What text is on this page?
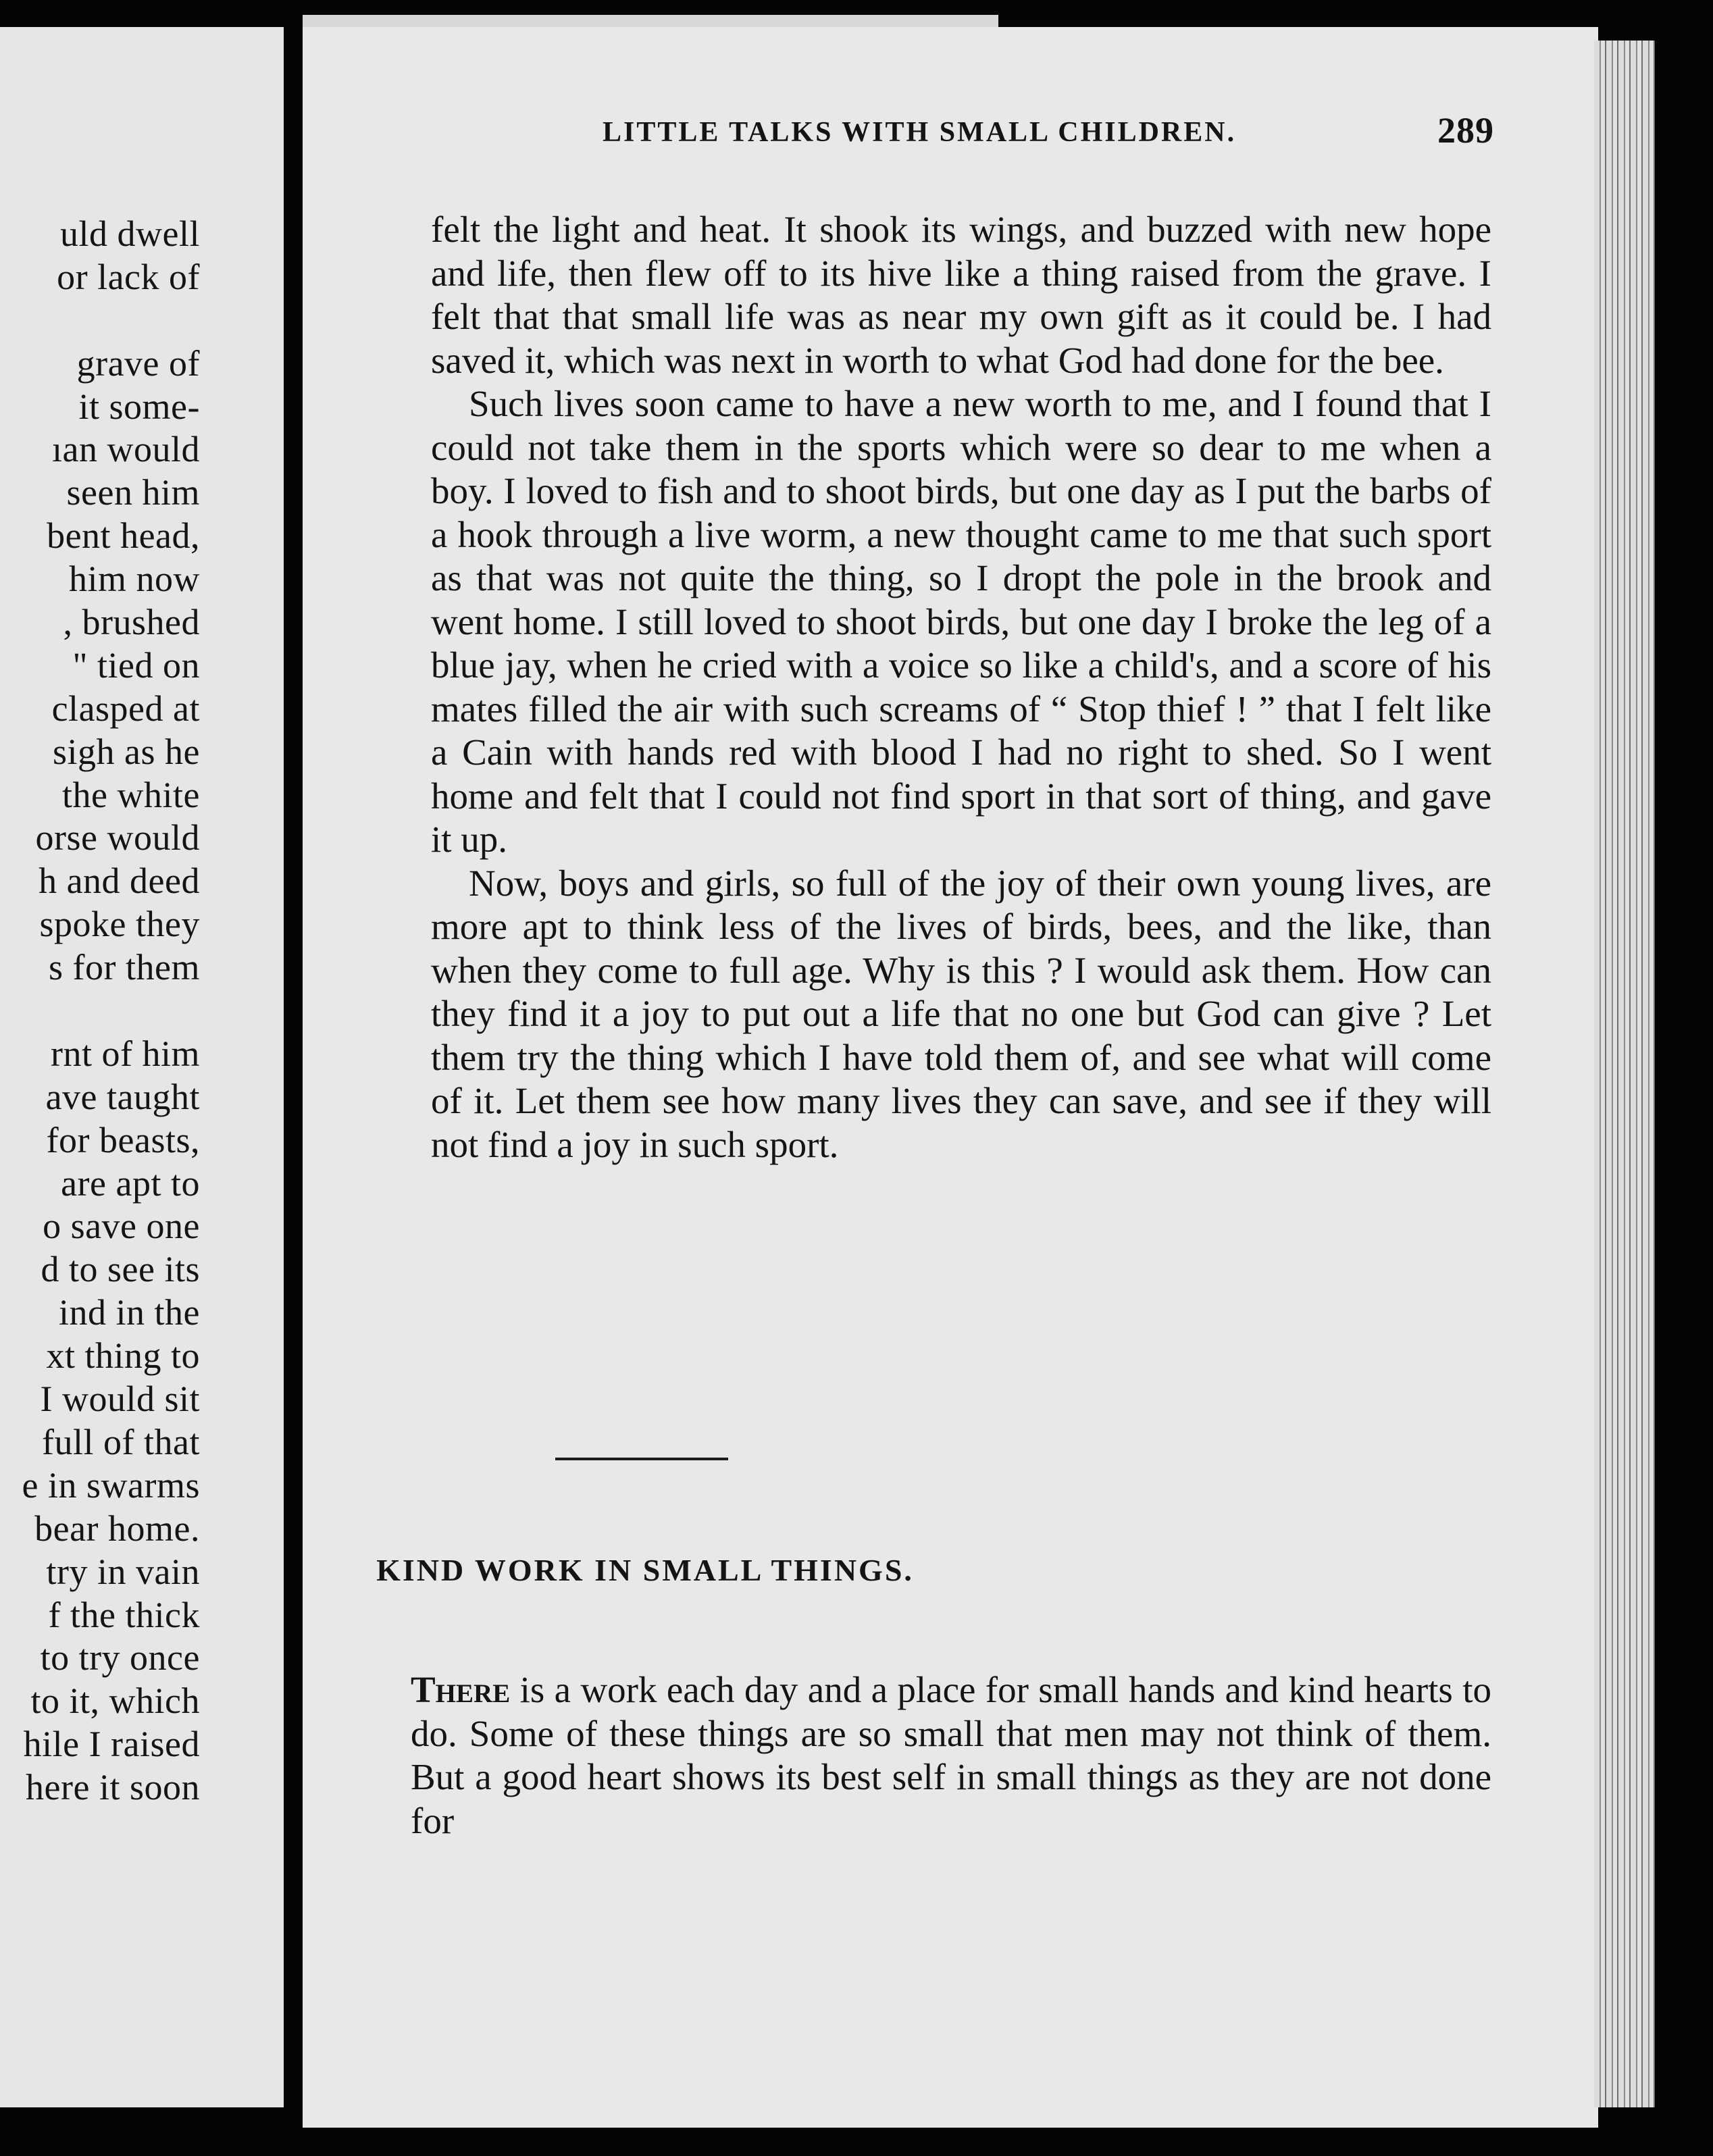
uld dwell
or lack of
grave of
it some-
ıan would
seen him
bent head,
him now
, brushed
" tied on
clasped at
sigh as he
the white
orse would
h and deed
spoke they
s for them
rnt of him
ave taught
for beasts,
are apt to
o save one
d to see its
ind in the
xt thing to
I would sit
full of that
e in swarms
bear home.
try in vain
f the thick
to try once
to it, which
hile I raised
here it soon

felt the light and heat. It shook its wings, and buzzed with new hope and life, then flew off to its hive like a thing raised from the grave. I felt that that small life was as near my own gift as it could be. I had saved it, which was next in worth to what God had done for the bee.

Such lives soon came to have a new worth to me, and I found that I could not take them in the sports which were so dear to me when a boy. I loved to fish and to shoot birds, but one day as I put the barbs of a hook through a live worm, a new thought came to me that such sport as that was not quite the thing, so I dropt the pole in the brook and went home. I still loved to shoot birds, but one day I broke the leg of a blue jay, when he cried with a voice so like a child's, and a score of his mates filled the air with such screams of “ Stop thief ! ” that I felt like a Cain with hands red with blood I had no right to shed. So I went home and felt that I could not find sport in that sort of thing, and gave it up.

Now, boys and girls, so full of the joy of their own young lives, are more apt to think less of the lives of birds, bees, and the like, than when they come to full age. Why is this ? I would ask them. How can they find it a joy to put out a life that no one but God can give ? Let them try the thing which I have told them of, and see what will come of it. Let them see how many lives they can save, and see if they will not find a joy in such sport.

There is a work each day and a place for small hands and kind hearts to do. Some of these things are so small that men may not think of them. But a good heart shows its best self in small things as they are not done for

LITTLE TALKS WITH SMALL CHILDREN.	289
KIND WORK IN SMALL THINGS.
